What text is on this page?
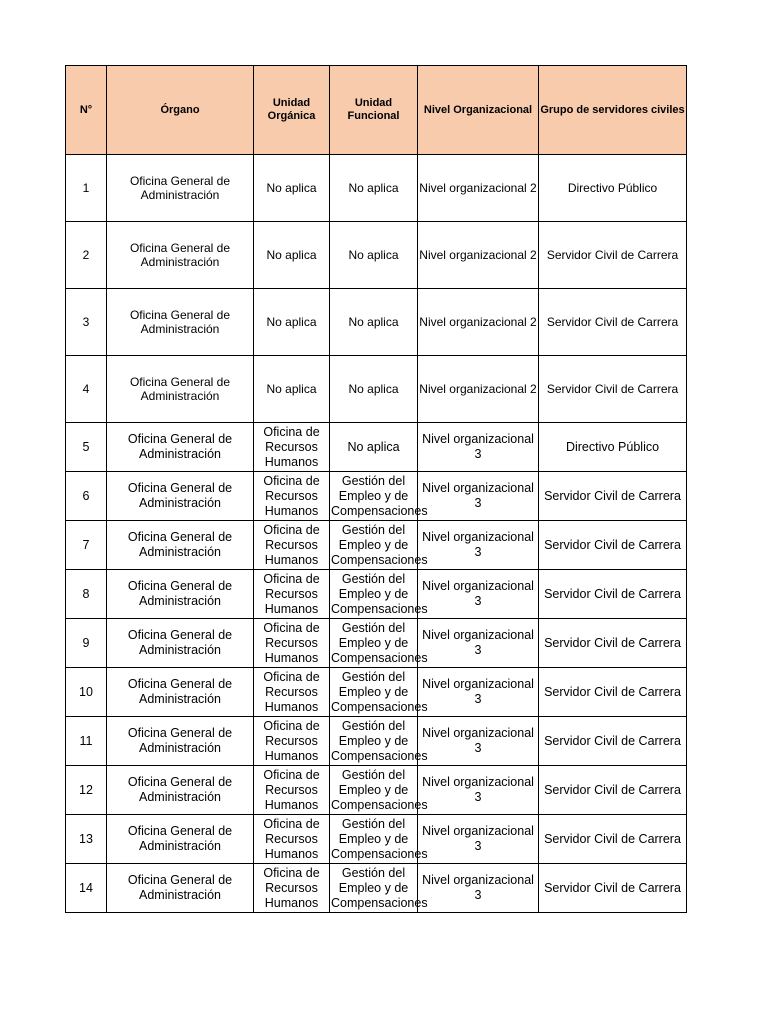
N°	Órgano	Unidad Orgánica	Unidad Funcional	Nivel Organizacional	Grupo de servidores civiles

1	Oficina General de Administración	No aplica	No aplica	Nivel organizacional 2	Directivo Público

2	Oficina General de Administración	No aplica	No aplica	Nivel organizacional 2	Servidor Civil de Carrera

3	Oficina General de Administración	No aplica	No aplica	Nivel organizacional 2	Servidor Civil de Carrera

4	Oficina General de Administración	No aplica	No aplica	Nivel organizacional 2	Servidor Civil de Carrera

5	Oficina General de Administración	Oficina de Recursos Humanos	No aplica	Nivel organizacional 3	Directivo Público

6	Oficina General de Administración	Oficina de Recursos Humanos	Gestión del Empleo y de Compensaciones	Nivel organizacional 3	Servidor Civil de Carrera

7	Oficina General de Administración	Oficina de Recursos Humanos	Gestión del Empleo y de Compensaciones	Nivel organizacional 3	Servidor Civil de Carrera

8	Oficina General de Administración	Oficina de Recursos Humanos	Gestión del Empleo y de Compensaciones	Nivel organizacional 3	Servidor Civil de Carrera

9	Oficina General de Administración	Oficina de Recursos Humanos	Gestión del Empleo y de Compensaciones	Nivel organizacional 3	Servidor Civil de Carrera

10	Oficina General de Administración	Oficina de Recursos Humanos	Gestión del Empleo y de Compensaciones	Nivel organizacional 3	Servidor Civil de Carrera

11	Oficina General de Administración	Oficina de Recursos Humanos	Gestión del Empleo y de Compensaciones	Nivel organizacional 3	Servidor Civil de Carrera

12	Oficina General de Administración	Oficina de Recursos Humanos	Gestión del Empleo y de Compensaciones	Nivel organizacional 3	Servidor Civil de Carrera

13	Oficina General de Administración	Oficina de Recursos Humanos	Gestión del Empleo y de Compensaciones	Nivel organizacional 3	Servidor Civil de Carrera

14	Oficina General de Administración	Oficina de Recursos Humanos	Gestión del Empleo y de Compensaciones	Nivel organizacional 3	Servidor Civil de Carrera
